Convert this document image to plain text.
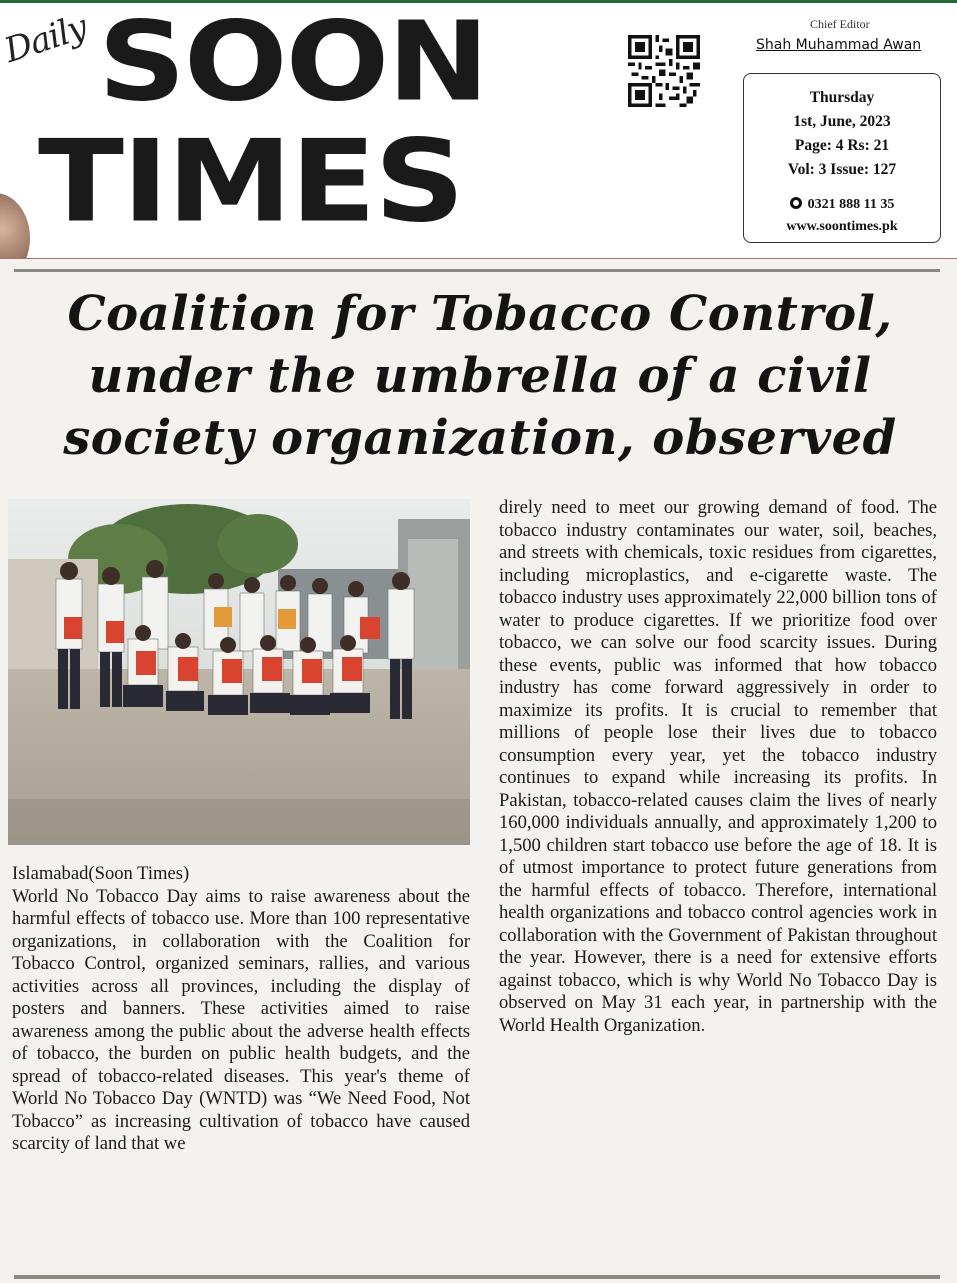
Daily SOON
TIMES
Chief Editor
Shah Muhammad Awan
Thursday
1st, June, 2023
Page: 4 Rs: 21
Vol: 3 Issue: 127
0321 888 11 35
www.soontimes.pk
Coalition for Tobacco Control, under the umbrella of a civil society organization, observed
Islamabad(Soon Times)
World No Tobacco Day aims to raise awareness about the harmful effects of tobacco use. More than 100 representative organizations, in collaboration with the Coalition for Tobacco Control, organized seminars, rallies, and various activities across all provinces, including the display of posters and banners. These activities aimed to raise awareness among the public about the adverse health effects of tobacco, the burden on public health budgets, and the spread of tobacco-related diseases. This year's theme of World No Tobacco Day (WNTD) was “We Need Food, Not Tobacco” as increasing cultivation of tobacco have caused scarcity of land that we
direly need to meet our growing demand of food. The tobacco industry contaminates our water, soil, beaches, and streets with chemicals, toxic residues from cigarettes, including microplastics, and e-cigarette waste. The tobacco industry uses approximately 22,000 billion tons of water to produce cigarettes. If we prioritize food over tobacco, we can solve our food scarcity issues. During these events, public was informed that how tobacco industry has come forward aggressively in order to maximize its profits. It is crucial to remember that millions of people lose their lives due to tobacco consumption every year, yet the tobacco industry continues to expand while increasing its profits. In Pakistan, tobacco-related causes claim the lives of nearly 160,000 individuals annually, and approximately 1,200 to 1,500 children start tobacco use before the age of 18. It is of utmost importance to protect future generations from the harmful effects of tobacco. Therefore, international health organizations and tobacco control agencies work in collaboration with the Government of Pakistan throughout the year. However, there is a need for extensive efforts against tobacco, which is why World No Tobacco Day is observed on May 31 each year, in partnership with the World Health Organization.
